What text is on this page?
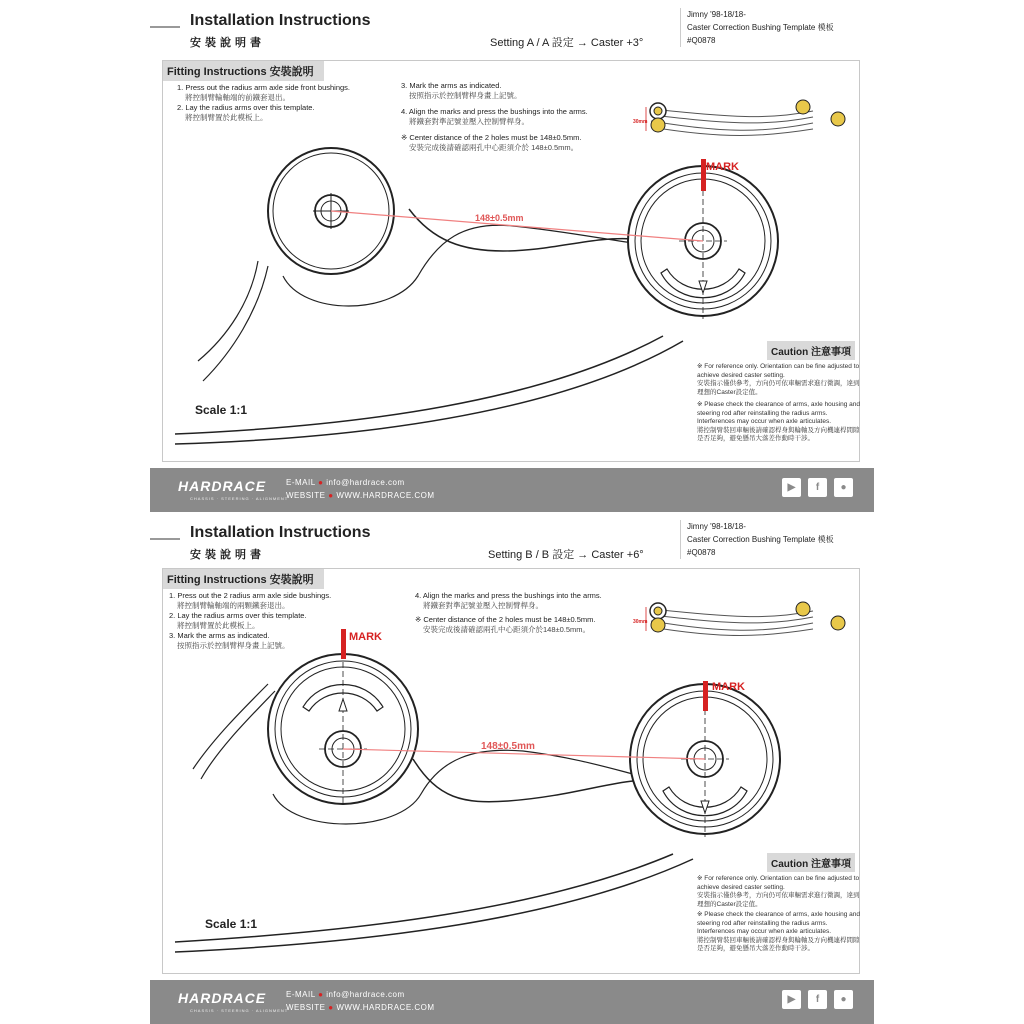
Installation Instructions
安裝說明書	Setting A / A 設定 → Caster +3°
Jimny '98-18/18-
Caster Correction Bushing Template 模板
#Q0878
Fitting Instructions 安裝說明
1. Press out the radius arm axle side front bushings.
將控制臂輪軸端的前鐵套退出。
2. Lay the radius arms over this template.
將控制臂置於此模板上。
3. Mark the arms as indicated.
按照指示於控制臂桿身畫上記號。
4. Align the marks and press the bushings into the arms.
將鐵套對準記號並壓入控制臂桿身。
※ Center distance of the 2 holes must be 148±0.5mm.
安裝完成後請確認兩孔中心距須介於 148±0.5mm。
MARK
148±0.5mm
30mm
Caution 注意事項
※ For reference only. Orientation can be fine adjusted to achieve desired caster setting.
安裝指示僅供參考，方向仍可依車輛需求進行微調，達到理想的Caster設定值。
※ Please check the clearance of arms, axle housing and steering rod after reinstalling the radius arms. Interferences may occur when axle articulates.
將控制臂裝回車輛後請確認桿身與輪軸及方向機連桿間隙是否足夠，避免懸吊大落差作動時干涉。
Scale 1:1
HARDRACE
CHASSIS · STEERING · ALIGNMENT
E-MAIL ● info@hardrace.com
WEBSITE ● WWW.HARDRACE.COM
▶	f	●
Installation Instructions
安裝說明書	Setting B / B 設定 → Caster +6°
Jimny '98-18/18-
Caster Correction Bushing Template 模板
#Q0878
Fitting Instructions 安裝說明
1. Press out the 2 radius arm axle side bushings.
將控制臂輪軸端的兩顆鐵套退出。
2. Lay the radius arms over this template.
將控制臂置於此模板上。
3. Mark the arms as indicated.
按照指示於控制臂桿身畫上記號。
4. Align the marks and press the bushings into the arms.
將鐵套對準記號並壓入控制臂桿身。
※ Center distance of the 2 holes must be 148±0.5mm.
安裝完成後請確認兩孔中心距須介於148±0.5mm。
MARK
MARK
148±0.5mm
30mm
Caution 注意事項
※ For reference only. Orientation can be fine adjusted to achieve desired caster setting.
安裝指示僅供參考，方向仍可依車輛需求進行微調，達到理想的Caster設定值。
※ Please check the clearance of arms, axle housing and steering rod after reinstalling the radius arms. Interferences may occur when axle articulates.
將控制臂裝回車輛後請確認桿身與輪軸及方向機連桿間隙是否足夠，避免懸吊大落差作動時干涉。
Scale 1:1
HARDRACE
CHASSIS · STEERING · ALIGNMENT
E-MAIL ● info@hardrace.com
WEBSITE ● WWW.HARDRACE.COM
▶	f	●
